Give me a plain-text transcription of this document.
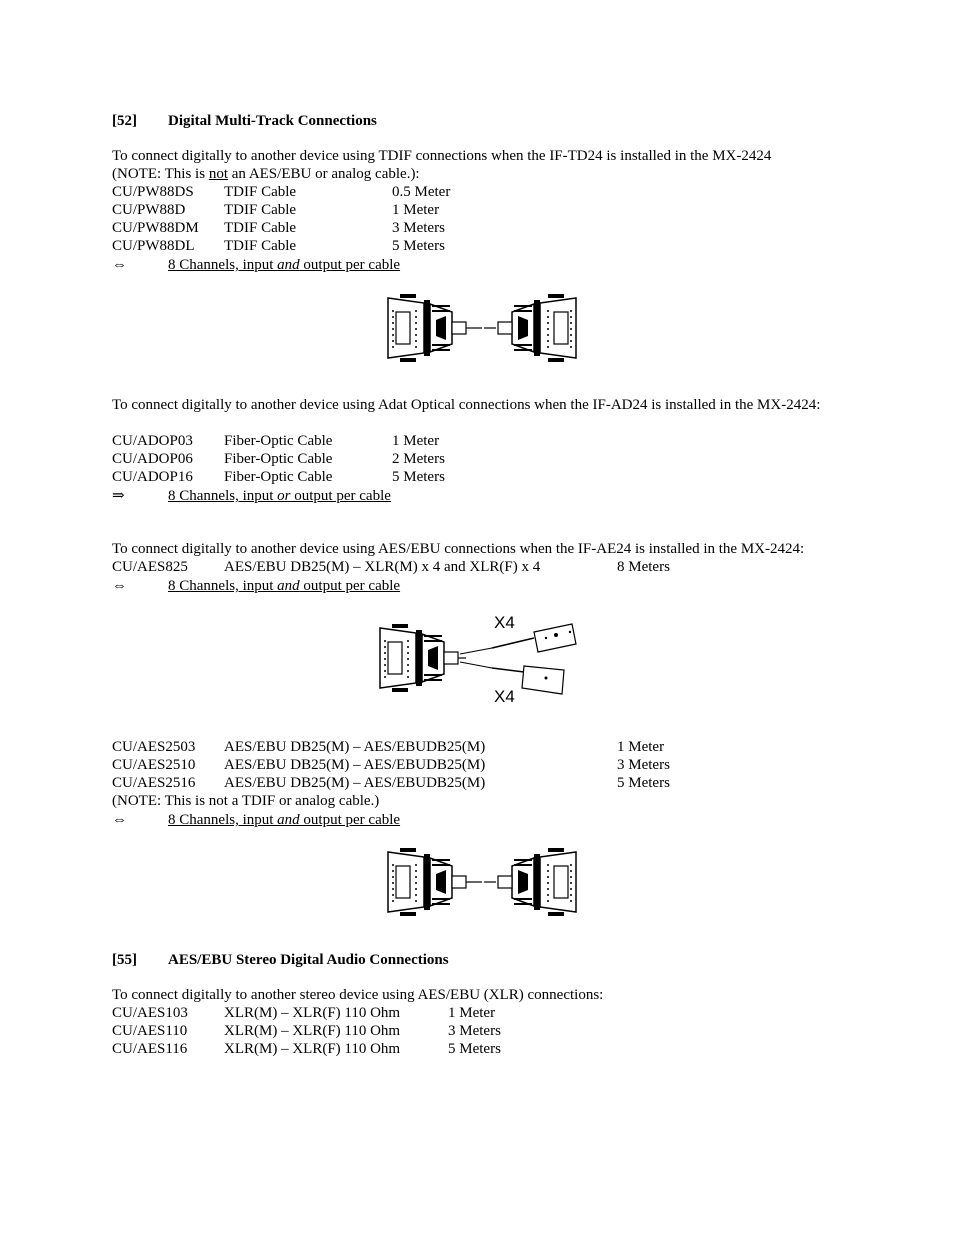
[52] Digital Multi-Track Connections
To connect digitally to another device using TDIF connections when the IF-TD24 is installed in the MX-2424
(NOTE: This is not an AES/EBU or analog cable.):
CU/PW88DS TDIF Cable	0.5 Meter
CU/PW88D	TDIF Cable	1 Meter
CU/PW88DM TDIF Cable	3 Meters
CU/PW88DL TDIF Cable	5 Meters
⇔	8 Channels, input and output per cable
To connect digitally to another device using Adat Optical connections when the IF-AD24 is installed in the MX-2424:
CU/ADOP03 Fiber-Optic Cable	1 Meter
CU/ADOP06 Fiber-Optic Cable	2 Meters
CU/ADOP16 Fiber-Optic Cable	5 Meters
⇒	8 Channels, input or output per cable
To connect digitally to another device using AES/EBU connections when the IF-AE24 is installed in the MX-2424:
CU/AES825 AES/EBU DB25(M) – XLR(M) x 4 and XLR(F) x 4	8 Meters
⇔	8 Channels, input and output per cable
X4
X4
CU/AES2503 AES/EBU DB25(M) – AES/EBUDB25(M)	1 Meter
CU/AES2510 AES/EBU DB25(M) – AES/EBUDB25(M)	3 Meters
CU/AES2516 AES/EBU DB25(M) – AES/EBUDB25(M)	5 Meters
(NOTE: This is not a TDIF or analog cable.)
⇔	8 Channels, input and output per cable
[55] AES/EBU Stereo Digital Audio Connections
To connect digitally to another stereo device using AES/EBU (XLR) connections:
CU/AES103 XLR(M) – XLR(F) 110 Ohm	1 Meter
CU/AES110 XLR(M) – XLR(F) 110 Ohm	3 Meters
CU/AES116 XLR(M) – XLR(F) 110 Ohm	5 Meters
